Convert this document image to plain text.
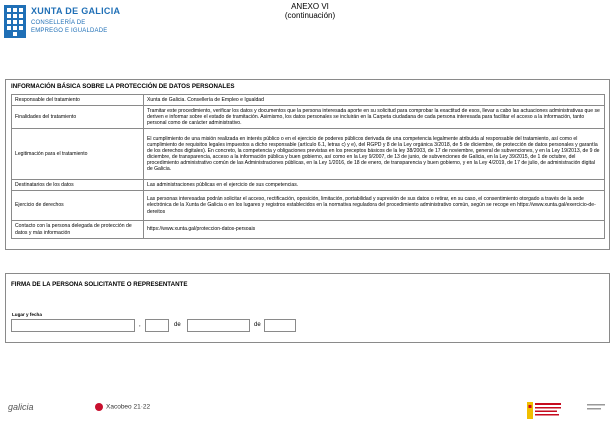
XUNTA DE GALICIA
CONSELLERÍA DE
EMPREGO E IGUALDADE
ANEXO VI
(continuación)
INFORMACIÓN BÁSICA SOBRE LA PROTECCIÓN DE DATOS PERSONALES
Responsable del tratamiento	Xunta de Galicia. Consellería de Empleo e Igualdad
Finalidades del tratamiento	Tramitar este procedimiento, verificar los datos y documentos que la persona interesada aporte en su solicitud para comprobar la exactitud de esos, llevar a cabo las actuaciones administrativas que se deriven e informar sobre el estado de tramitación. Asimismo, los datos personales se incluirán en la Carpeta ciudadana de cada persona interesada para facilitar el acceso a la información, tanto personal como de carácter administrativo.
Legitimación para el tratamiento	El cumplimiento de una misión realizada en interés público o en el ejercicio de poderes públicos derivada de una competencia legalmente atribuida al responsable del tratamiento, así como el cumplimiento de requisitos legales impuestos a dicho responsable (artículo 6.1, letras c) y e), del RGPD y 8 de la Ley orgánica 3/2018, de 5 de diciembre, de protección de datos personales y garantía de los derechos digitales). En concreto, la competencia y obligaciones previstas en los preceptos básicos de la ley 38/2003, de 17 de noviembre, general de subvenciones, y en la Ley 19/2013, de 9 de diciembre, de transparencia, acceso a la información pública y buen gobierno, así como en la Ley 9/2007, de 13 de junio, de subvenciones de Galicia, en la Ley 39/2015, de 1 de octubre, del procedimiento administrativo común de las Administraciones públicas, en la Ley 1/2016, de 18 de enero, de transparencia y buen gobierno, y en la Ley 4/2019, de 17 de julio, de administración digital de Galicia.
Destinatarios de los datos	Las administraciones públicas en el ejercicio de sus competencias.
Ejercicio de derechos	Las personas interesadas podrán solicitar el acceso, rectificación, oposición, limitación, portabilidad y supresión de sus datos o retirar, en su caso, el consentimiento otorgado a través de la sede electrónica de la Xunta de Galicia o en los lugares y registros establecidos en la normativa reguladora del procedimiento administrativo común, según se recoge en https://www.xunta.gal/exercicio-de-dereitos
Contacto con la persona delegada de protección de datos y más información	https://www.xunta.gal/proteccion-datos-persoais
FIRMA DE LA PERSONA SOLICITANTE O REPRESENTANTE
Lugar y fecha
,	de	de
galicia	Xacobeo 21·22
